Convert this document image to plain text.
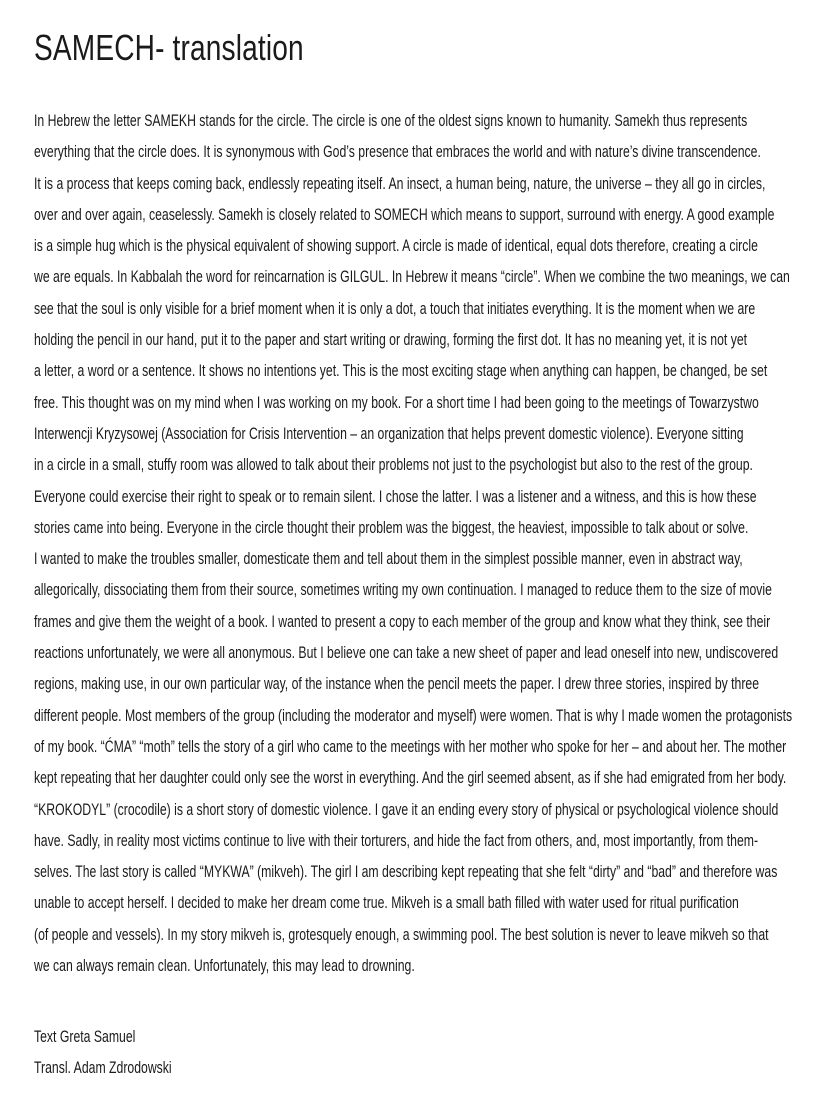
SAMECH- translation
In Hebrew the letter SAMEKH stands for the circle. The circle is one of the oldest signs known to humanity. Samekh thus represents
everything that the circle does. It is synonymous with God’s presence that embraces the world and with nature’s divine transcendence.
It is a process that keeps coming back, endlessly repeating itself. An insect, a human being, nature, the universe – they all go in circles,
over and over again, ceaselessly. Samekh is closely related to SOMECH which means to support, surround with energy. A good example
is a simple hug which is the physical equivalent of showing support. A circle is made of identical, equal dots therefore, creating a circle
we are equals. In Kabbalah the word for reincarnation is GILGUL. In Hebrew it means “circle”. When we combine the two meanings, we can
see that the soul is only visible for a brief moment when it is only a dot, a touch that initiates everything. It is the moment when we are
holding the pencil in our hand, put it to the paper and start writing or drawing, forming the first dot. It has no meaning yet, it is not yet
a letter, a word or a sentence. It shows no intentions yet. This is the most exciting stage when anything can happen, be changed, be set
free. This thought was on my mind when I was working on my book. For a short time I had been going to the meetings of Towarzystwo
Interwencji Kryzysowej (Association for Crisis Intervention – an organization that helps prevent domestic violence). Everyone sitting
in a circle in a small, stuffy room was allowed to talk about their problems not just to the psychologist but also to the rest of the group.
Everyone could exercise their right to speak or to remain silent. I chose the latter. I was a listener and a witness, and this is how these
stories came into being. Everyone in the circle thought their problem was the biggest, the heaviest, impossible to talk about or solve.
I wanted to make the troubles smaller, domesticate them and tell about them in the simplest possible manner, even in abstract way,
allegorically, dissociating them from their source, sometimes writing my own continuation. I managed to reduce them to the size of movie
frames and give them the weight of a book. I wanted to present a copy to each member of the group and know what they think, see their
reactions unfortunately, we were all anonymous. But I believe one can take a new sheet of paper and lead oneself into new, undiscovered
regions, making use, in our own particular way, of the instance when the pencil meets the paper. I drew three stories, inspired by three
different people. Most members of the group (including the moderator and myself) were women. That is why I made women the protagonists
of my book. “ĆMA” “moth” tells the story of a girl who came to the meetings with her mother who spoke for her – and about her. The mother
kept repeating that her daughter could only see the worst in everything. And the girl seemed absent, as if she had emigrated from her body.
“KROKODYL” (crocodile) is a short story of domestic violence. I gave it an ending every story of physical or psychological violence should
have. Sadly, in reality most victims continue to live with their torturers, and hide the fact from others, and, most importantly, from them-
selves. The last story is called “MYKWA” (mikveh). The girl I am describing kept repeating that she felt “dirty” and “bad” and therefore was
unable to accept herself. I decided to make her dream come true. Mikveh is a small bath filled with water used for ritual purification
(of people and vessels). In my story mikveh is, grotesquely enough, a swimming pool. The best solution is never to leave mikveh so that
we can always remain clean. Unfortunately, this may lead to drowning.
Text Greta Samuel
Transl. Adam Zdrodowski
